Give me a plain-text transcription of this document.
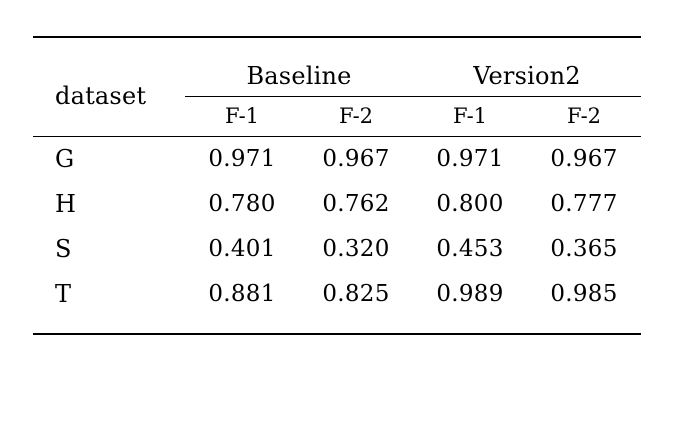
dataset	Baseline		Version2	
	F-1	F-2	F-1	F-2
G	0.971	0.967	0.971	0.967
H	0.780	0.762	0.800	0.777
S	0.401	0.320	0.453	0.365
T	0.881	0.825	0.989	0.985
